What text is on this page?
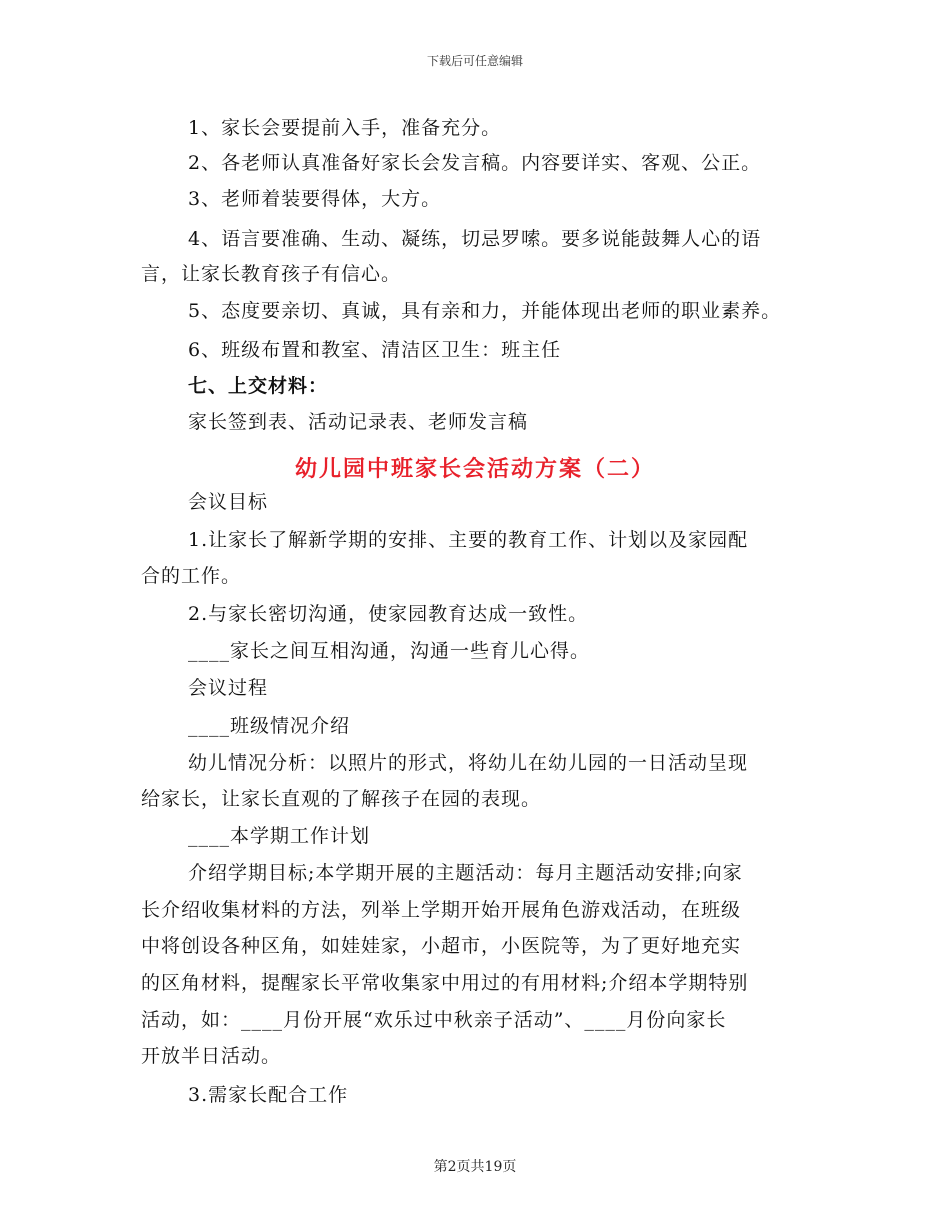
下载后可任意编辑
1、家长会要提前入手，准备充分。
2、各老师认真准备好家长会发言稿。内容要详实、客观、公正。
3、老师着装要得体，大方。
4、语言要准确、生动、凝练，切忌罗嗦。要多说能鼓舞人心的语
言，让家长教育孩子有信心。
5、态度要亲切、真诚，具有亲和力，并能体现出老师的职业素养。
6、班级布置和教室、清洁区卫生：班主任
七、上交材料：
家长签到表、活动记录表、老师发言稿
幼儿园中班家长会活动方案（二）
会议目标
1.让家长了解新学期的安排、主要的教育工作、计划以及家园配
合的工作。
2.与家长密切沟通，使家园教育达成一致性。
____家长之间互相沟通，沟通一些育儿心得。
会议过程
____班级情况介绍
幼儿情况分析：以照片的形式，将幼儿在幼儿园的一日活动呈现
给家长，让家长直观的了解孩子在园的表现。
____本学期工作计划
介绍学期目标;本学期开展的主题活动：每月主题活动安排;向家
长介绍收集材料的方法，列举上学期开始开展角色游戏活动，在班级
中将创设各种区角，如娃娃家，小超市，小医院等，为了更好地充实
的区角材料，提醒家长平常收集家中用过的有用材料;介绍本学期特别
活动，如：____月份开展“欢乐过中秋亲子活动”、____月份向家长
开放半日活动。
3.需家长配合工作
第2页共19页
